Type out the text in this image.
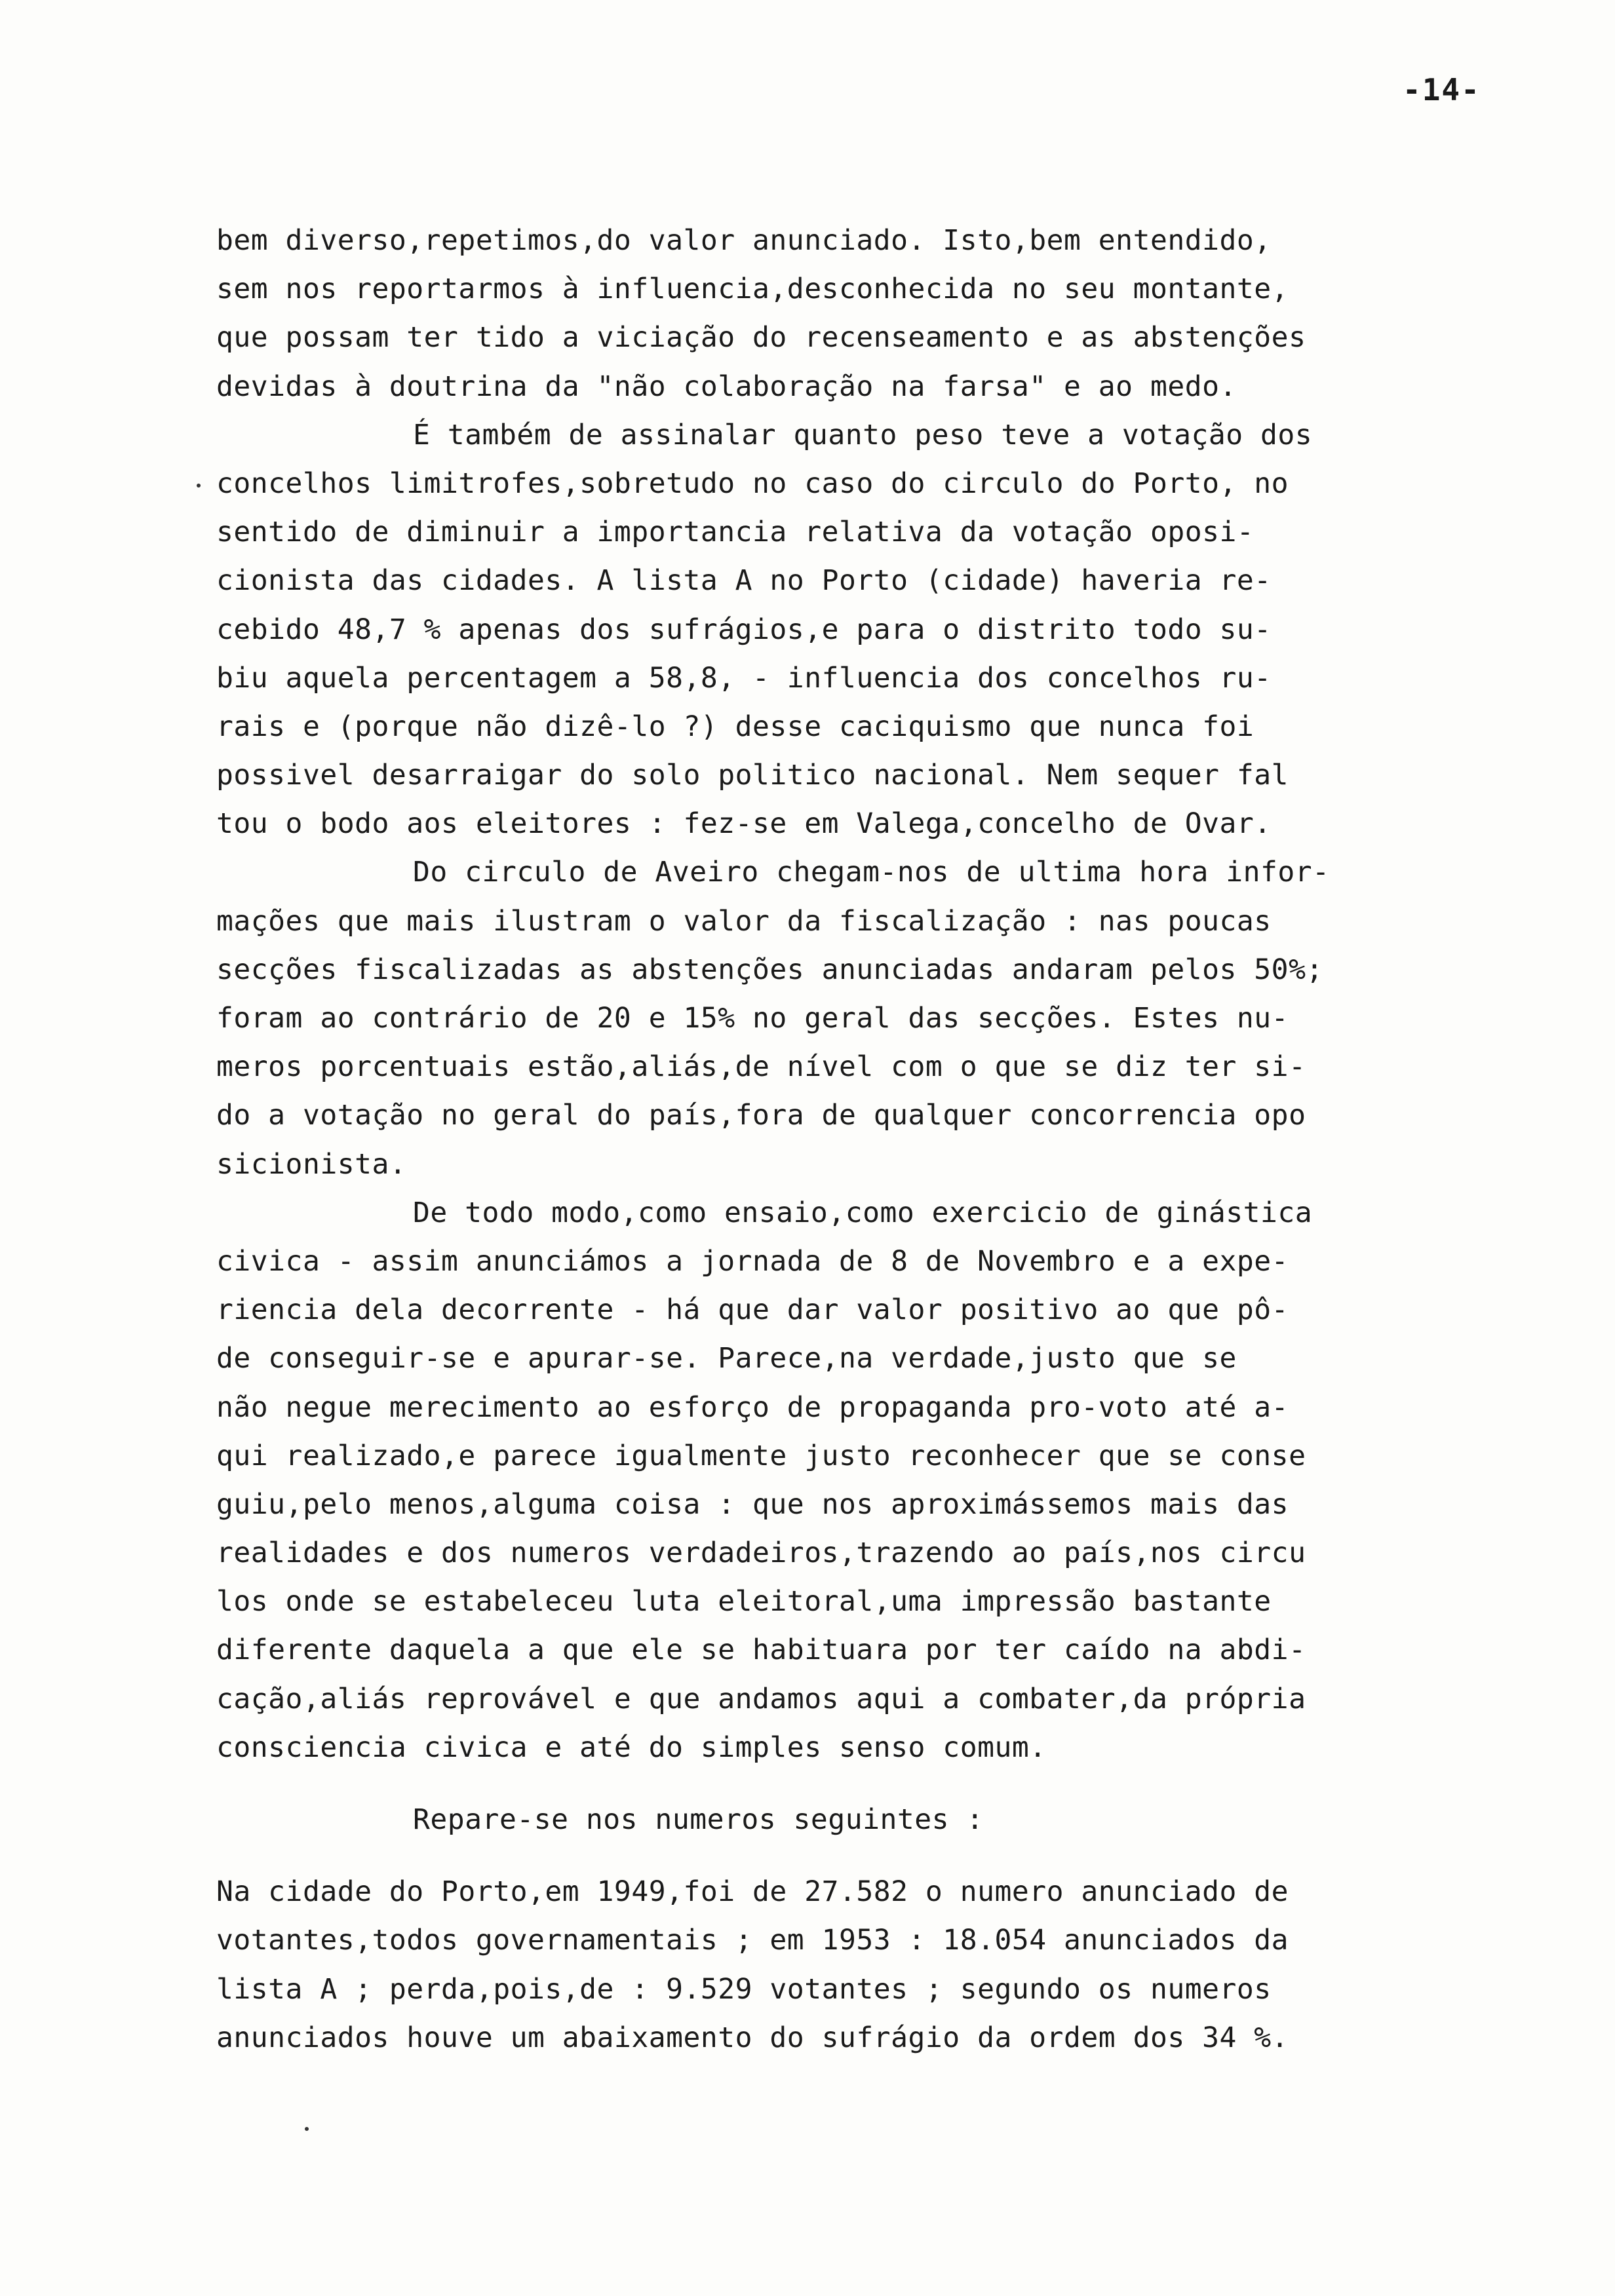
-14-
bem diverso,repetimos,do valor anunciado. Isto,bem entendido,
sem nos reportarmos à influencia,desconhecida no seu montante,
que possam ter tido a viciação do recenseamento e as abstenções
devidas à doutrina da "não colaboração na farsa" e ao medo.
É também de assinalar quanto peso teve a votação dos
concelhos limitrofes,sobretudo no caso do circulo do Porto, no
sentido de diminuir a importancia relativa da votação oposi-
cionista das cidades. A lista A no Porto (cidade) haveria re-
cebido 48,7 % apenas dos sufrágios,e para o distrito todo su-
biu aquela percentagem a 58,8, - influencia dos concelhos ru-
rais e (porque não dizê-lo ?) desse caciquismo que nunca foi
possivel desarraigar do solo politico nacional. Nem sequer fal
tou o bodo aos eleitores : fez-se em Valega,concelho de Ovar.
Do circulo de Aveiro chegam-nos de ultima hora infor-
mações que mais ilustram o valor da fiscalização : nas poucas
secções fiscalizadas as abstenções anunciadas andaram pelos 50%;
foram ao contrário de 20 e 15% no geral das secções. Estes nu-
meros porcentuais estão,aliás,de nível com o que se diz ter si-
do a votação no geral do país,fora de qualquer concorrencia opo
sicionista.
De todo modo,como ensaio,como exercicio de ginástica
civica - assim anunciámos a jornada de 8 de Novembro e a expe-
riencia dela decorrente - há que dar valor positivo ao que pô-
de conseguir-se e apurar-se. Parece,na verdade,justo que se
não negue merecimento ao esforço de propaganda pro-voto até a-
qui realizado,e parece igualmente justo reconhecer que se conse
guiu,pelo menos,alguma coisa : que nos aproximássemos mais das
realidades e dos numeros verdadeiros,trazendo ao país,nos circu
los onde se estabeleceu luta eleitoral,uma impressão bastante
diferente daquela a que ele se habituara por ter caído na abdi-
cação,aliás reprovável e que andamos aqui a combater,da própria
consciencia civica e até do simples senso comum.
Repare-se nos numeros seguintes :
Na cidade do Porto,em 1949,foi de 27.582 o numero anunciado de
votantes,todos governamentais ; em 1953 : 18.054 anunciados da
lista A ; perda,pois,de : 9.529 votantes ; segundo os numeros
anunciados houve um abaixamento do sufrágio da ordem dos 34 %.
